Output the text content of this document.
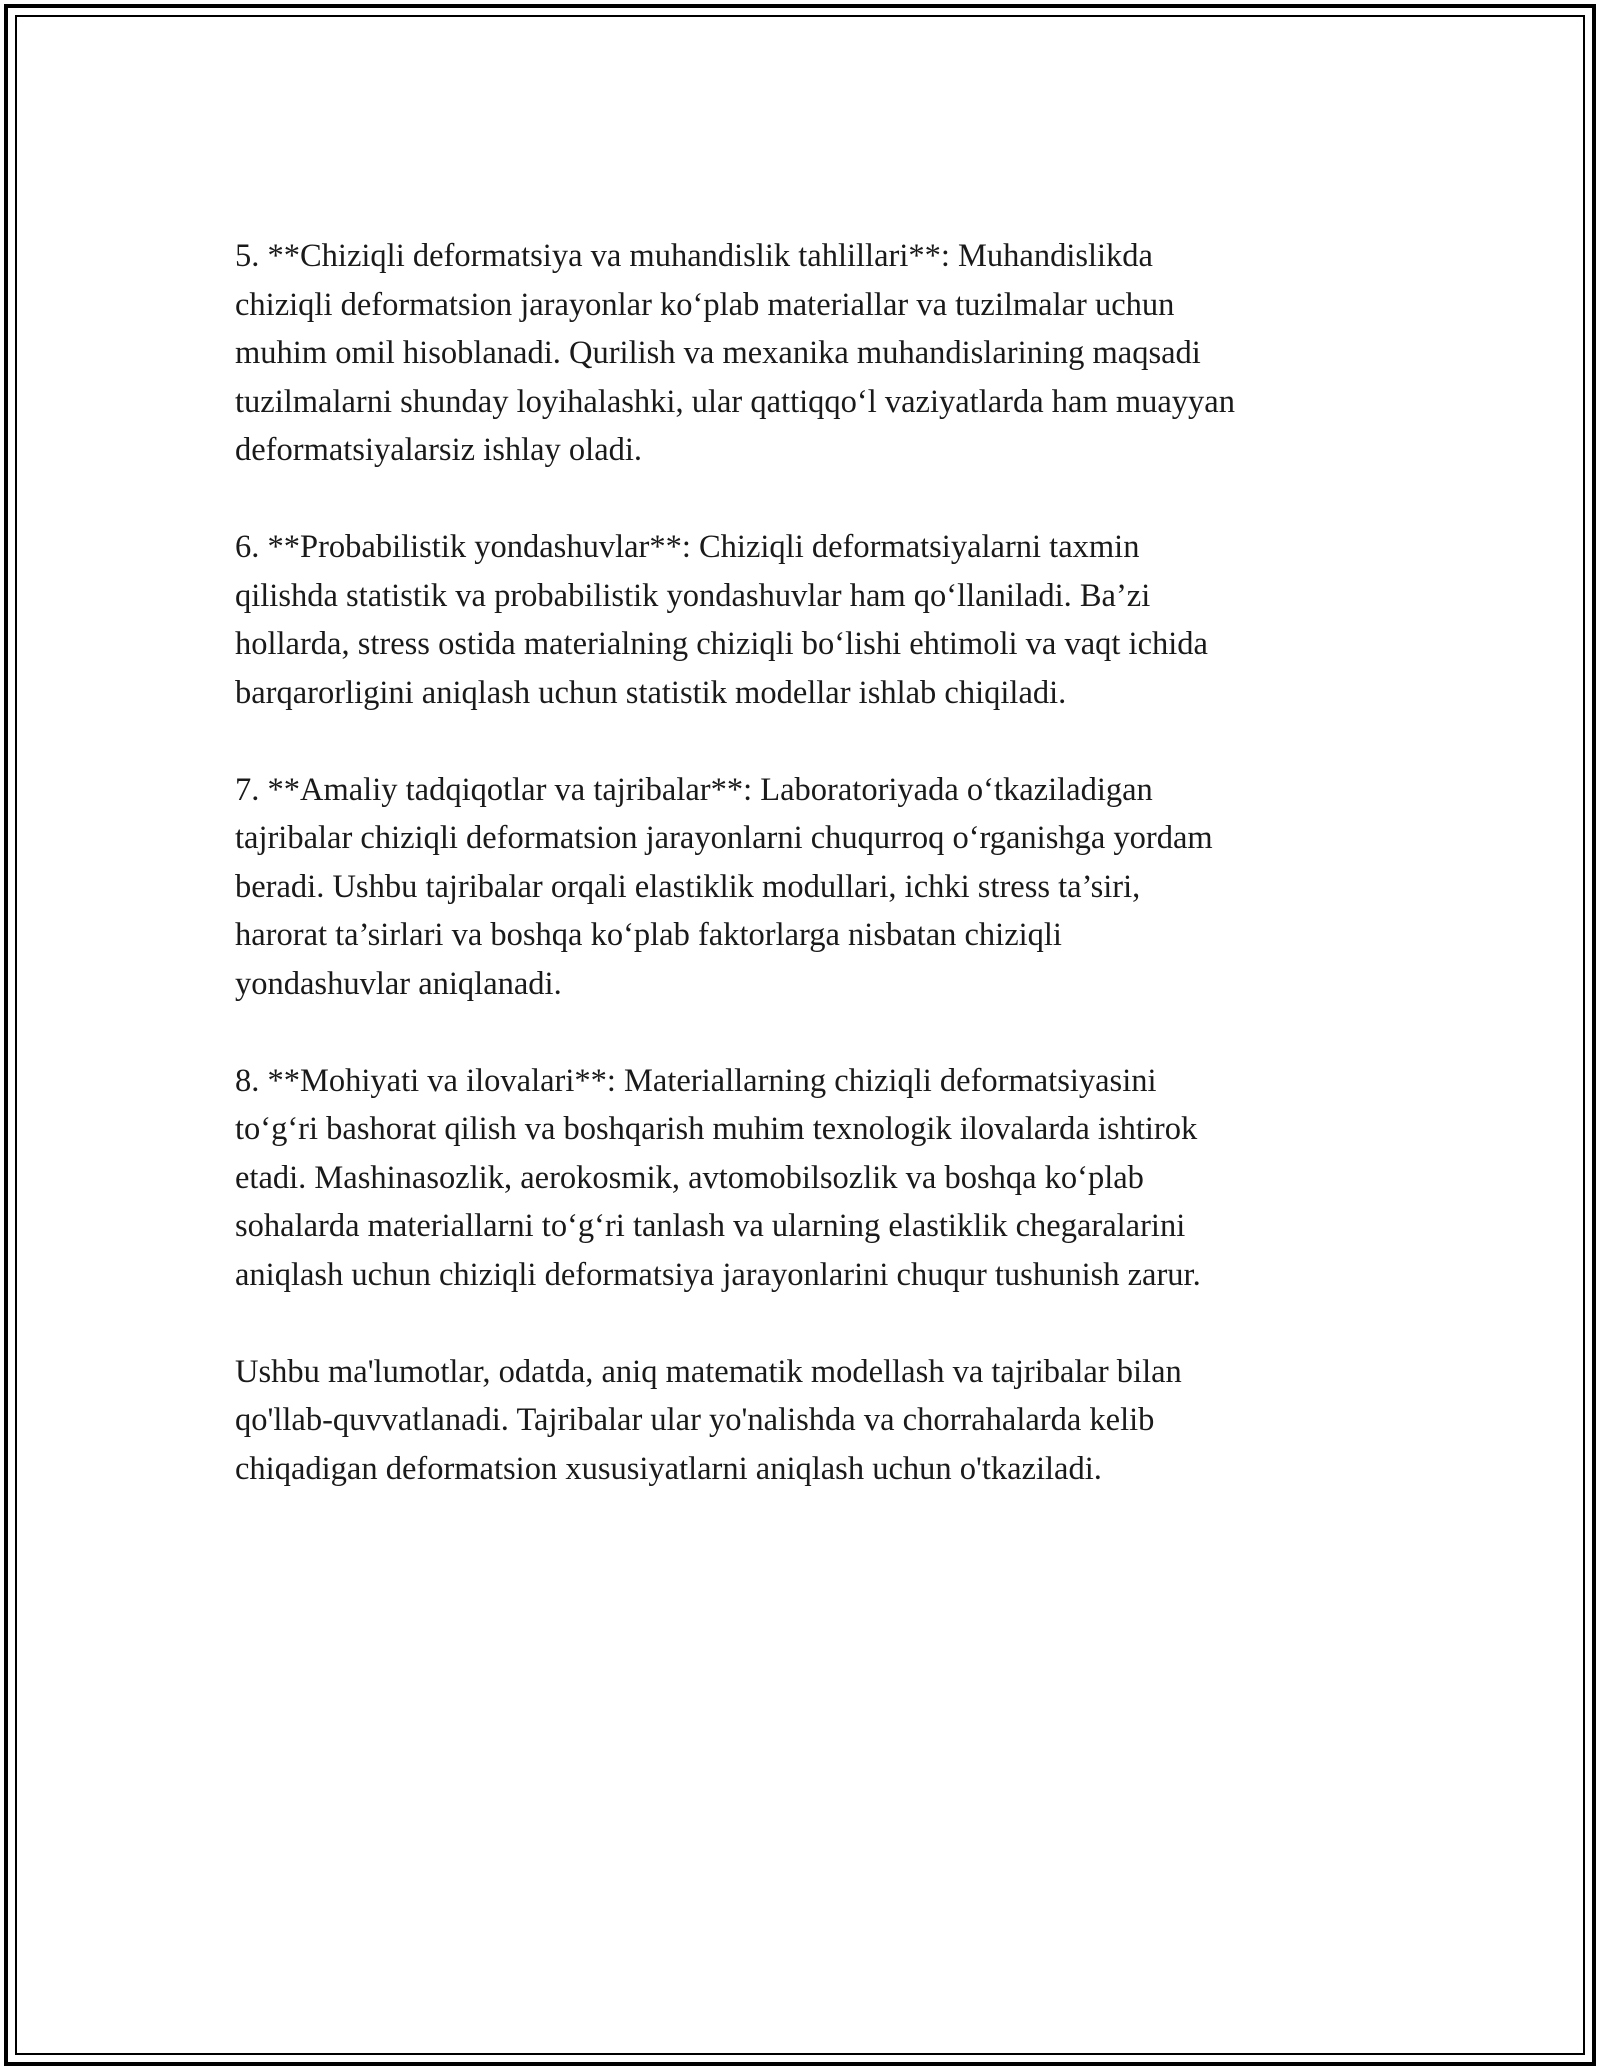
5. **Chiziqli deformatsiya va muhandislik tahlillari**: Muhandislikda
chiziqli deformatsion jarayonlar ko‘plab materiallar va tuzilmalar uchun
muhim omil hisoblanadi. Qurilish va mexanika muhandislarining maqsadi
tuzilmalarni shunday loyihalashki, ular qattiqqo‘l vaziyatlarda ham muayyan
deformatsiyalarsiz ishlay oladi.

6. **Probabilistik yondashuvlar**: Chiziqli deformatsiyalarni taxmin
qilishda statistik va probabilistik yondashuvlar ham qo‘llaniladi. Ba’zi
hollarda, stress ostida materialning chiziqli bo‘lishi ehtimoli va vaqt ichida
barqarorligini aniqlash uchun statistik modellar ishlab chiqiladi.

7. **Amaliy tadqiqotlar va tajribalar**: Laboratoriyada o‘tkaziladigan
tajribalar chiziqli deformatsion jarayonlarni chuqurroq o‘rganishga yordam
beradi. Ushbu tajribalar orqali elastiklik modullari, ichki stress ta’siri,
harorat ta’sirlari va boshqa ko‘plab faktorlarga nisbatan chiziqli
yondashuvlar aniqlanadi.

8. **Mohiyati va ilovalari**: Materiallarning chiziqli deformatsiyasini
to‘g‘ri bashorat qilish va boshqarish muhim texnologik ilovalarda ishtirok
etadi. Mashinasozlik, aerokosmik, avtomobilsozlik va boshqa ko‘plab
sohalarda materiallarni to‘g‘ri tanlash va ularning elastiklik chegaralarini
aniqlash uchun chiziqli deformatsiya jarayonlarini chuqur tushunish zarur.

Ushbu ma'lumotlar, odatda, aniq matematik modellash va tajribalar bilan
qo'llab-quvvatlanadi. Tajribalar ular yo'nalishda va chorrahalarda kelib
chiqadigan deformatsion xususiyatlarni aniqlash uchun o'tkaziladi.
